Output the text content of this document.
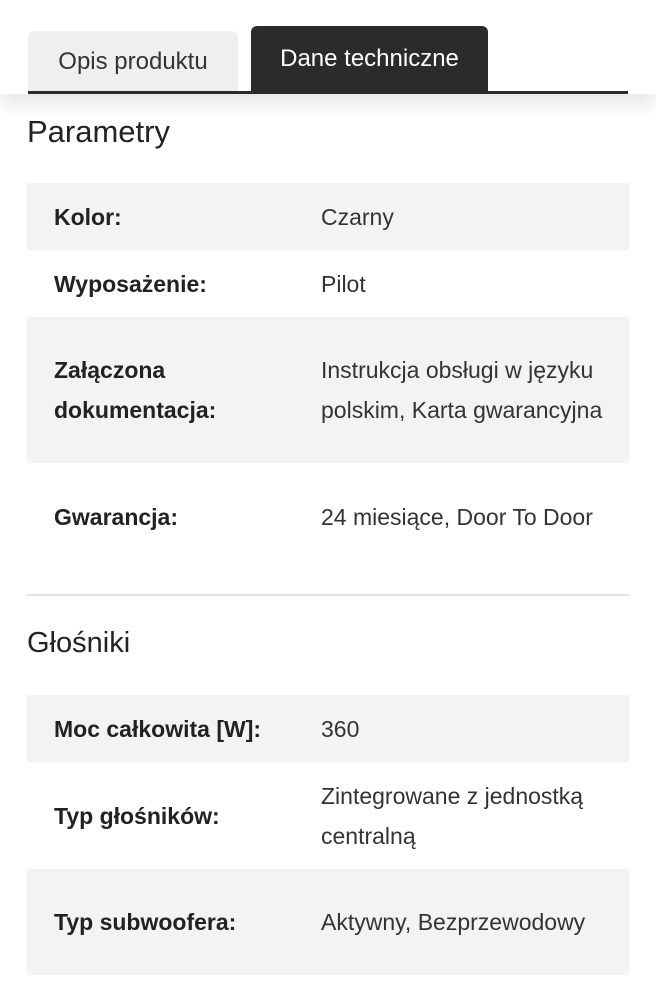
Opis produktu	Dane techniczne
Parametry
Kolor:	Czarny
Wyposażenie:	Pilot
Załączona dokumentacja:
Instrukcja obsługi w języku polskim, Karta gwarancyjna
Gwarancja:	24 miesiące, Door To Door
Głośniki
Moc całkowita [W]:	360
Typ głośników:
Zintegrowane z jednostką centralną
Typ subwoofera:	Aktywny, Bezprzewodowy
